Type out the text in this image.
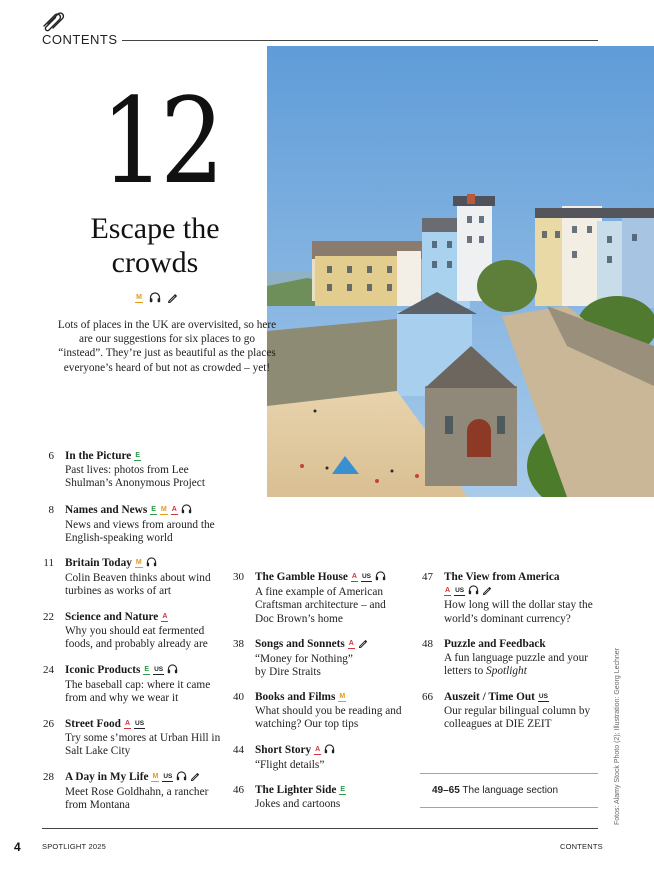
CONTENTS
12
Escape the
crowds
M
Lots of places in the UK are overvisited, so here are our suggestions for six places to go “instead”. They’re just as beautiful as the places everyone’s heard of but not as crowded – yet!
6 In the Picture E
Past lives: photos from Lee
Shulman’s Anonymous Project
8 Names and News E M A
News and views from around the
English-speaking world
11 Britain Today M
Colin Beaven thinks about wind
turbines as works of art
22 Science and Nature A
Why you should eat fermented
foods, and probably already are
24 Iconic Products E US
The baseball cap: where it came
from and why we wear it
26 Street Food A US
Try some s’mores at Urban Hill in
Salt Lake City
28 A Day in My Life M US
Meet Rose Goldhahn, a rancher
from Montana
30 The Gamble House A US
A fine example of American
Craftsman architecture – and
Doc Brown’s home
38 Songs and Sonnets A
“Money for Nothing”
by Dire Straits
40 Books and Films M
What should you be reading and
watching? Our top tips
44 Short Story A
“Flight details”
46 The Lighter Side E
Jokes and cartoons
47 The View from America
A US
How long will the dollar stay the
world’s dominant currency?
48 Puzzle and Feedback
A fun language puzzle and your
letters to Spotlight
66 Auszeit / Time Out US
Our regular bilingual column by
colleagues at DIE ZEIT
49–65 The language section	Fotos: Alamy Stock Photo (2); Illustration: Georg Lechner
4	SPOTLIGHT 2025	CONTENTS
